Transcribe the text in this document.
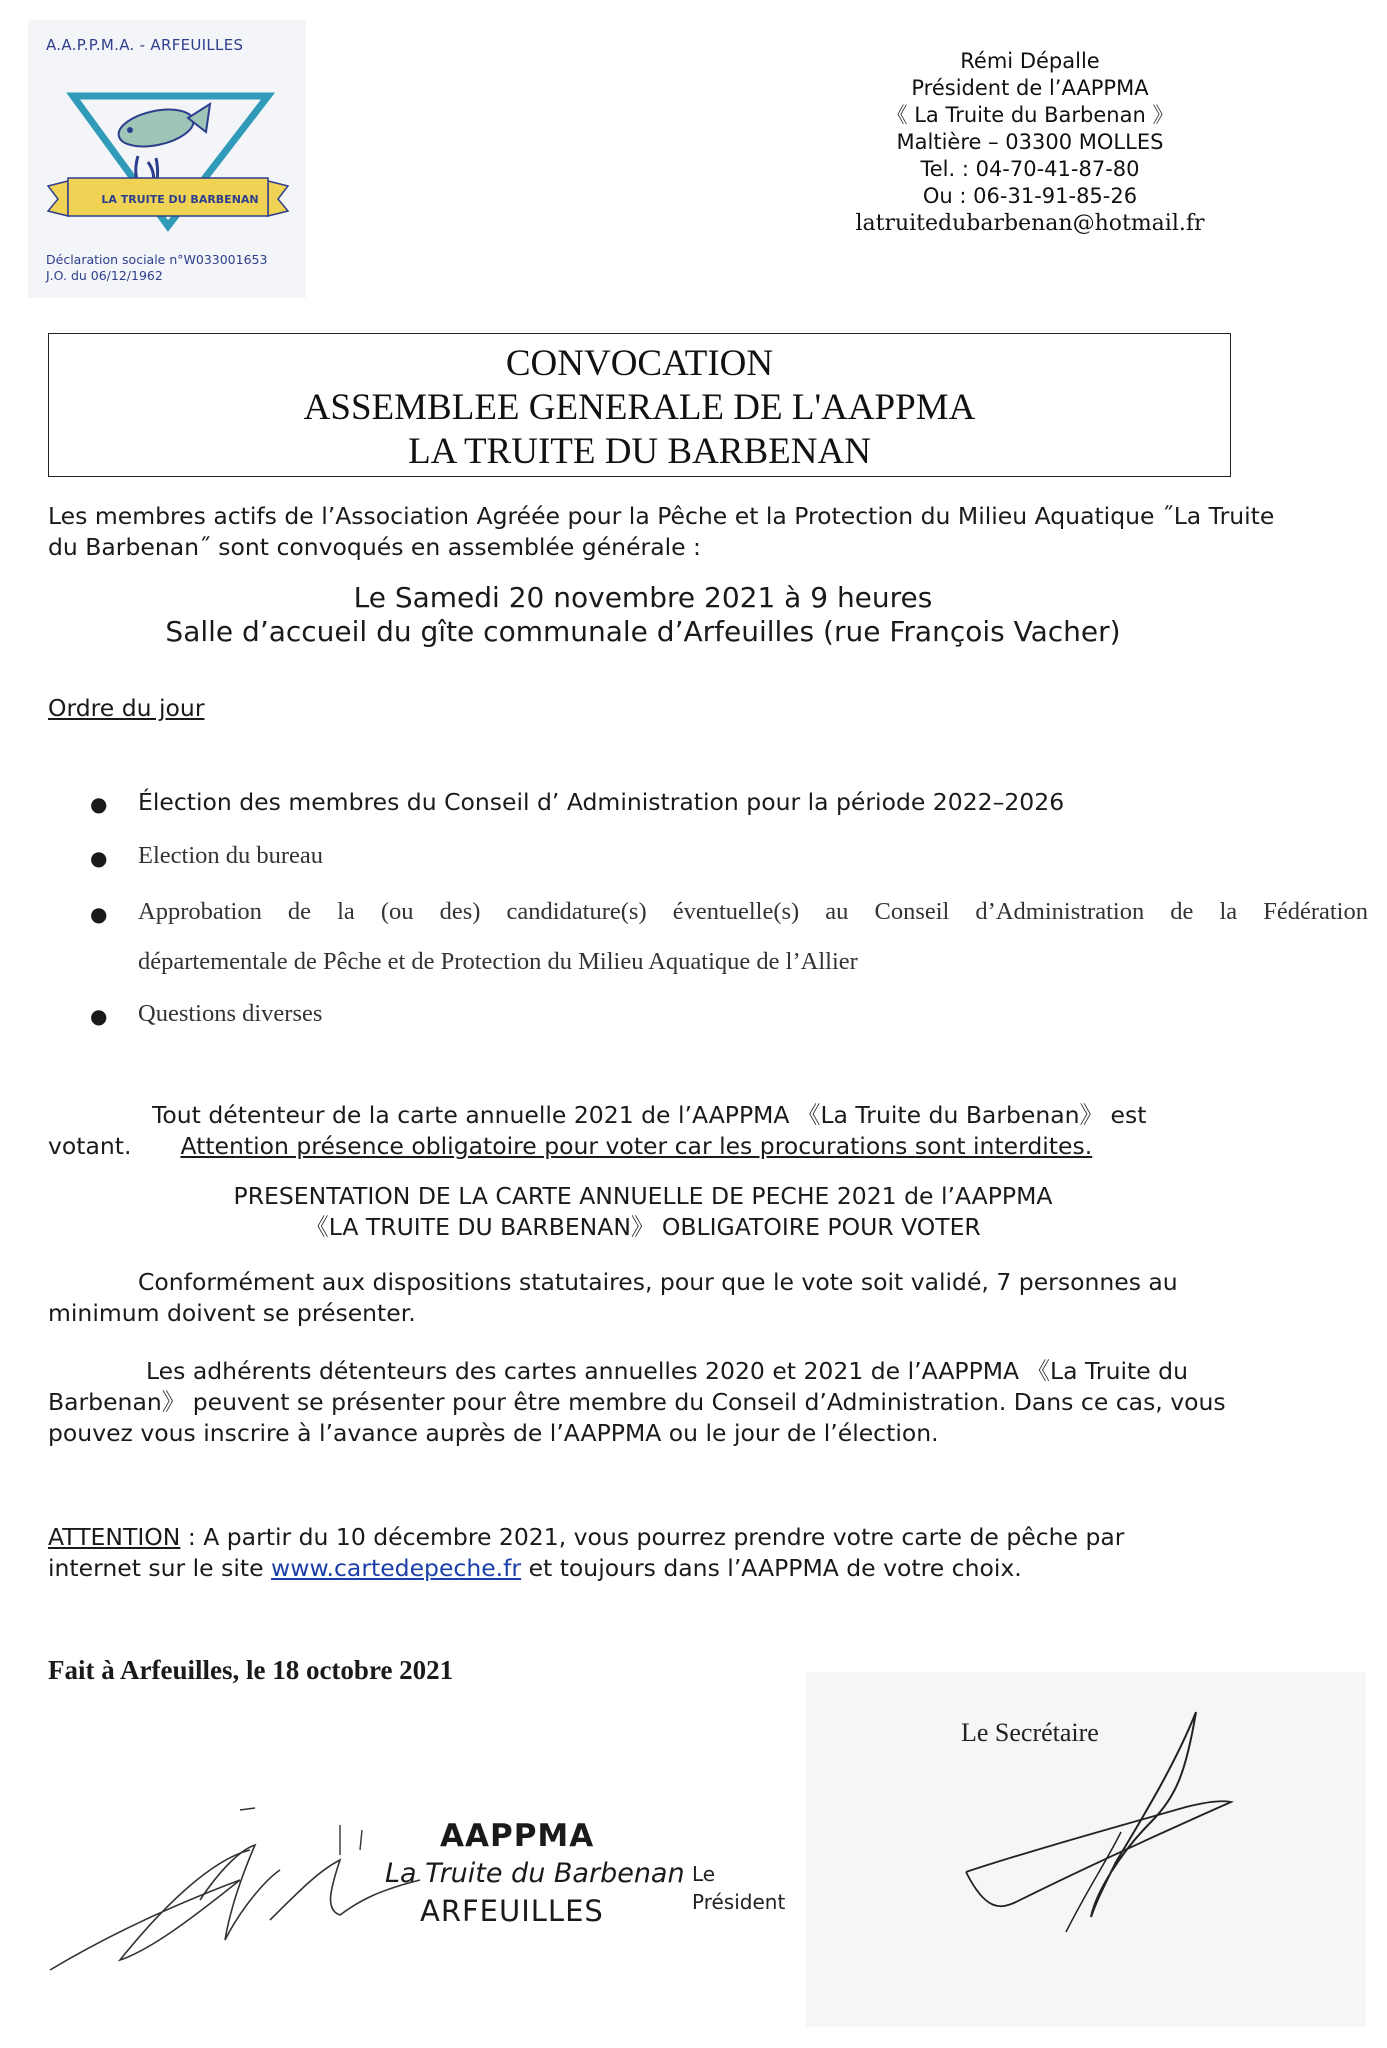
A.A.P.P.M.A. - ARFEUILLES
LA TRUITE DU BARBENAN
Déclaration sociale n°W033001653
J.O. du 06/12/1962
Rémi Dépalle
Président de l’AAPPMA
《 La Truite du Barbenan 》
Maltière – 03300 MOLLES
Tel. : 04-70-41-87-80
Ou : 06-31-91-85-26
latruitedubarbenan@hotmail.fr
CONVOCATION
ASSEMBLEE GENERALE DE L'AAPPMA
LA TRUITE DU BARBENAN
Les membres actifs de l’Association Agréée pour la Pêche et la Protection du Milieu Aquatique ˝La Truite
du Barbenan˝ sont convoqués en assemblée générale :
Le Samedi 20 novembre 2021 à 9 heures
Salle d’accueil du gîte communale d’Arfeuilles (rue François Vacher)
Ordre du jour
● Élection des membres du Conseil d’ Administration pour la période 2022–2026
● Election du bureau
● Approbation de la (ou des) candidature(s) éventuelle(s) au Conseil d’Administration de la Fédération
départementale de Pêche et de Protection du Milieu Aquatique de l’Allier
● Questions diverses
Tout détenteur de la carte annuelle 2021 de l’AAPPMA 《La Truite du Barbenan》 est
votant. Attention présence obligatoire pour voter car les procurations sont interdites.
PRESENTATION DE LA CARTE ANNUELLE DE PECHE 2021 de l’AAPPMA
《LA TRUITE DU BARBENAN》 OBLIGATOIRE POUR VOTER
Conformément aux dispositions statutaires, pour que le vote soit validé, 7 personnes au
minimum doivent se présenter.
Les adhérents détenteurs des cartes annuelles 2020 et 2021 de l’AAPPMA 《La Truite du
Barbenan》 peuvent se présenter pour être membre du Conseil d’Administration. Dans ce cas, vous
pouvez vous inscrire à l’avance auprès de l’AAPPMA ou le jour de l’élection.
ATTENTION : A partir du 10 décembre 2021, vous pourrez prendre votre carte de pêche par
internet sur le site www.cartedepeche.fr et toujours dans l’AAPPMA de votre choix.
Fait à Arfeuilles, le 18 octobre 2021
Le Secrétaire
AAPPMA
La Truite du Barbenan
ARFEUILLES
Le
Président
